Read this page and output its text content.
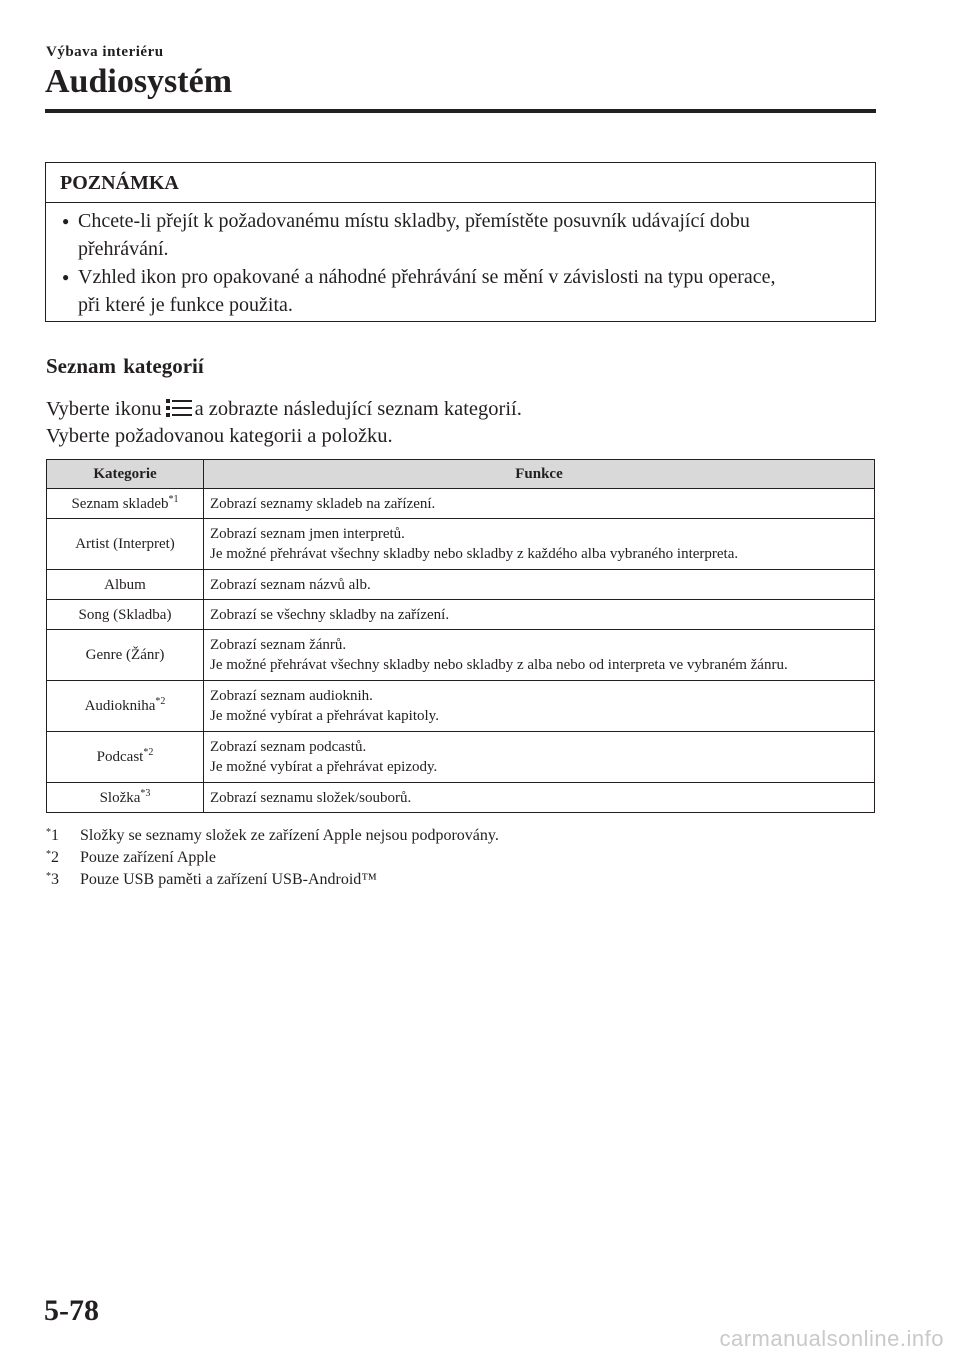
Výbava interiéru
Audiosystém
POZNÁMKA
● Chcete-li přejít k požadovanému místu skladby, přemístěte posuvník udávající dobu
přehrávání.
● Vzhled ikon pro opakované a náhodné přehrávání se mění v závislosti na typu operace,
při které je funkce použita.
Seznam kategorií
Vyberte ikonu a zobrazte následující seznam kategorií.
Vyberte požadovanou kategorii a položku.
Kategorie	Funkce
Seznam skladeb$^{*1}$	Zobrazí seznamy skladeb na zařízení.

Artist (Interpret)	Zobrazí seznam jmen interpretů.
Je možné přehrávat všechny skladby nebo skladby z každého alba vybraného interpreta.

Album	Zobrazí seznam názvů alb.

Song (Skladba)	Zobrazí se všechny skladby na zařízení.

Genre (Žánr)	Zobrazí seznam žánrů.
Je možné přehrávat všechny skladby nebo skladby z alba nebo od interpreta ve vybraném žánru.

Audiokniha$^{*2}$	Zobrazí seznam audioknih.
Je možné vybírat a přehrávat kapitoly.

Podcast$^{*2}$	Zobrazí seznam podcastů.
Je možné vybírat a přehrávat epizody.

Složka$^{*3}$	Zobrazí seznamu složek/souborů.
*1 Složky se seznamy složek ze zařízení Apple nejsou podporovány.
*2 Pouze zařízení Apple
*3 Pouze USB paměti a zařízení USB-Android™
5-78
carmanualsonline.info
